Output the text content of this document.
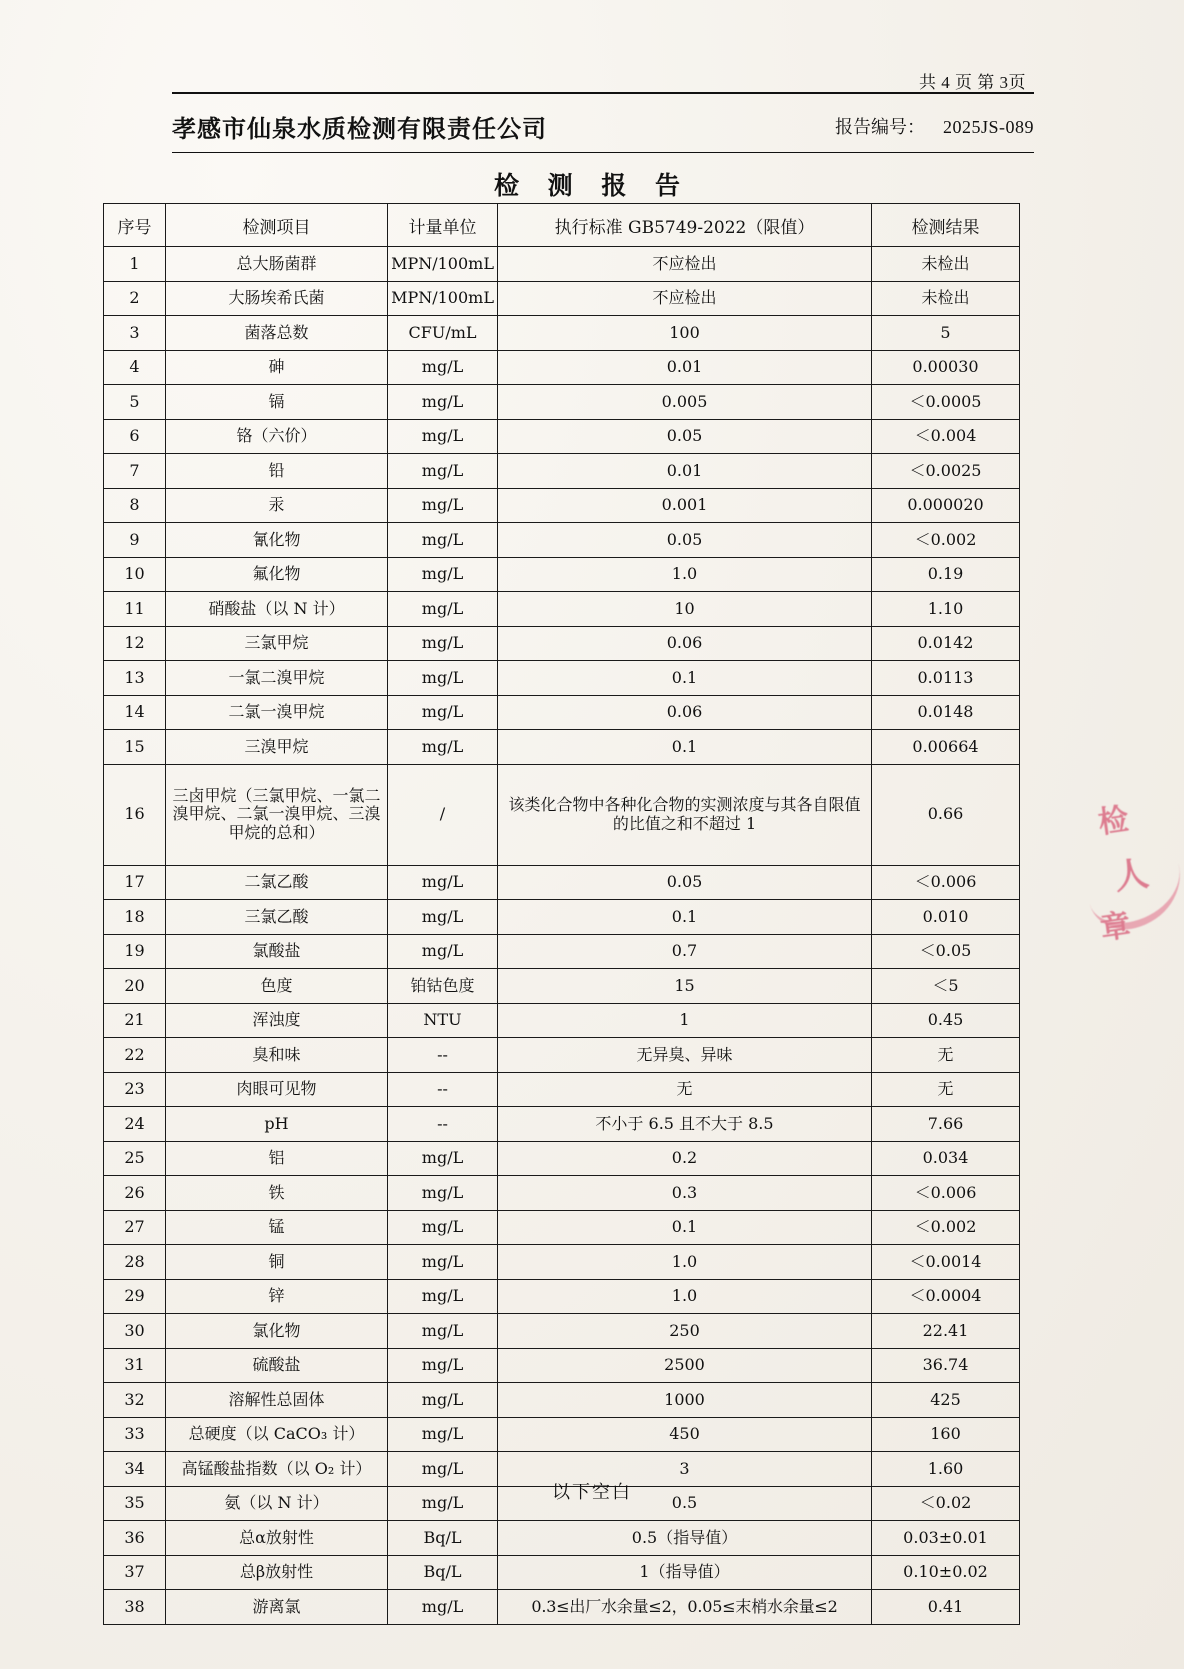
共 4 页 第 3页
孝感市仙泉水质检测有限责任公司	报告编号： 2025JS-089
检 测 报 告
序号	检测项目	计量单位	执行标准 GB5749-2022（限值）	检测结果
1	总大肠菌群	MPN/100mL	不应检出	未检出
2	大肠埃希氏菌	MPN/100mL	不应检出	未检出
3	菌落总数	CFU/mL	100	5
4	砷	mg/L	0.01	0.00030
5	镉	mg/L	0.005	＜0.0005
6	铬（六价）	mg/L	0.05	＜0.004
7	铅	mg/L	0.01	＜0.0025
8	汞	mg/L	0.001	0.000020
9	氰化物	mg/L	0.05	＜0.002
10	氟化物	mg/L	1.0	0.19
11	硝酸盐（以 N 计）	mg/L	10	1.10
12	三氯甲烷	mg/L	0.06	0.0142
13	一氯二溴甲烷	mg/L	0.1	0.0113
14	二氯一溴甲烷	mg/L	0.06	0.0148
15	三溴甲烷	mg/L	0.1	0.00664
16	三卤甲烷（三氯甲烷、一氯二溴甲烷、二氯一溴甲烷、三溴甲烷的总和）	/	该类化合物中各种化合物的实测浓度与其各自限值的比值之和不超过 1	0.66
17	二氯乙酸	mg/L	0.05	＜0.006
18	三氯乙酸	mg/L	0.1	0.010
19	氯酸盐	mg/L	0.7	＜0.05
20	色度	铂钴色度	15	＜5
21	浑浊度	NTU	1	0.45
22	臭和味	--	无异臭、异味	无
23	肉眼可见物	--	无	无
24	pH	--	不小于 6.5 且不大于 8.5	7.66
25	铝	mg/L	0.2	0.034
26	铁	mg/L	0.3	＜0.006
27	锰	mg/L	0.1	＜0.002
28	铜	mg/L	1.0	＜0.0014
29	锌	mg/L	1.0	＜0.0004
30	氯化物	mg/L	250	22.41
31	硫酸盐	mg/L	2500	36.74
32	溶解性总固体	mg/L	1000	425
33	总硬度（以 CaCO₃ 计）	mg/L	450	160
34	高锰酸盐指数（以 O₂ 计）	mg/L	3	1.60
35	氨（以 N 计）	mg/L	0.5	＜0.02
36	总α放射性	Bq/L	0.5（指导值）	0.03±0.01
37	总β放射性	Bq/L	1（指导值）	0.10±0.02
38	游离氯	mg/L	0.3≤出厂水余量≤2，0.05≤末梢水余量≤2	0.41
以下空白
检
人
章
